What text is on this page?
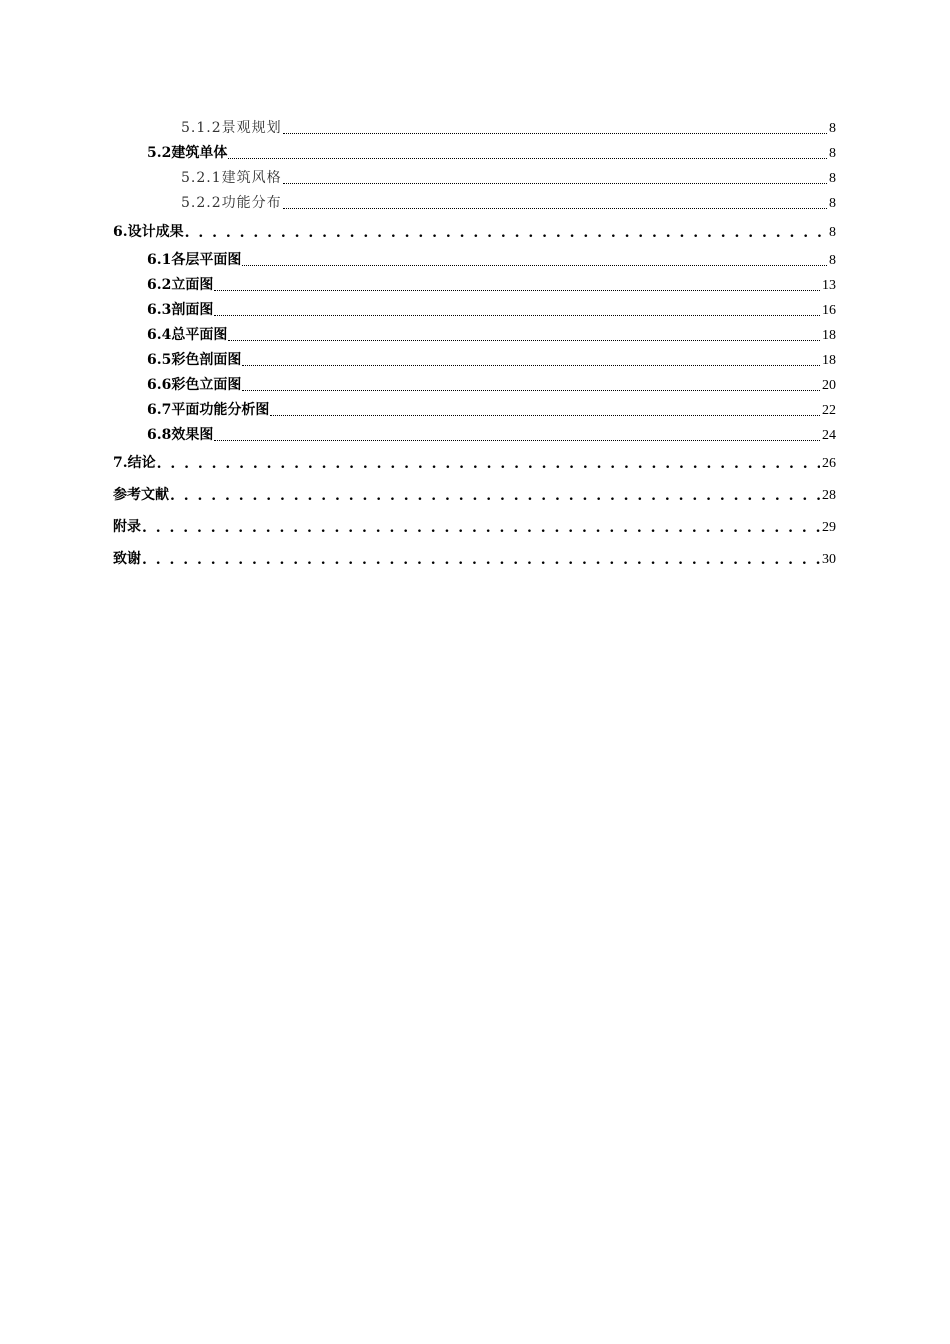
5.1.2景观规划	8
5.2建筑单体	8
5.2.1建筑风格	8
5.2.2功能分布	8
6.设计成果 . . .	8
6.1各层平面图	8
6.2立面图	13
6.3剖面图	16
6.4总平面图	18
6.5彩色剖面图	18
6.6彩色立面图	20
6.7平面功能分析图	22
6.8效果图	24
7.结论 . . .	26
参考文献 . . .	28
附录 . . .	29
致谢 . . .	30
